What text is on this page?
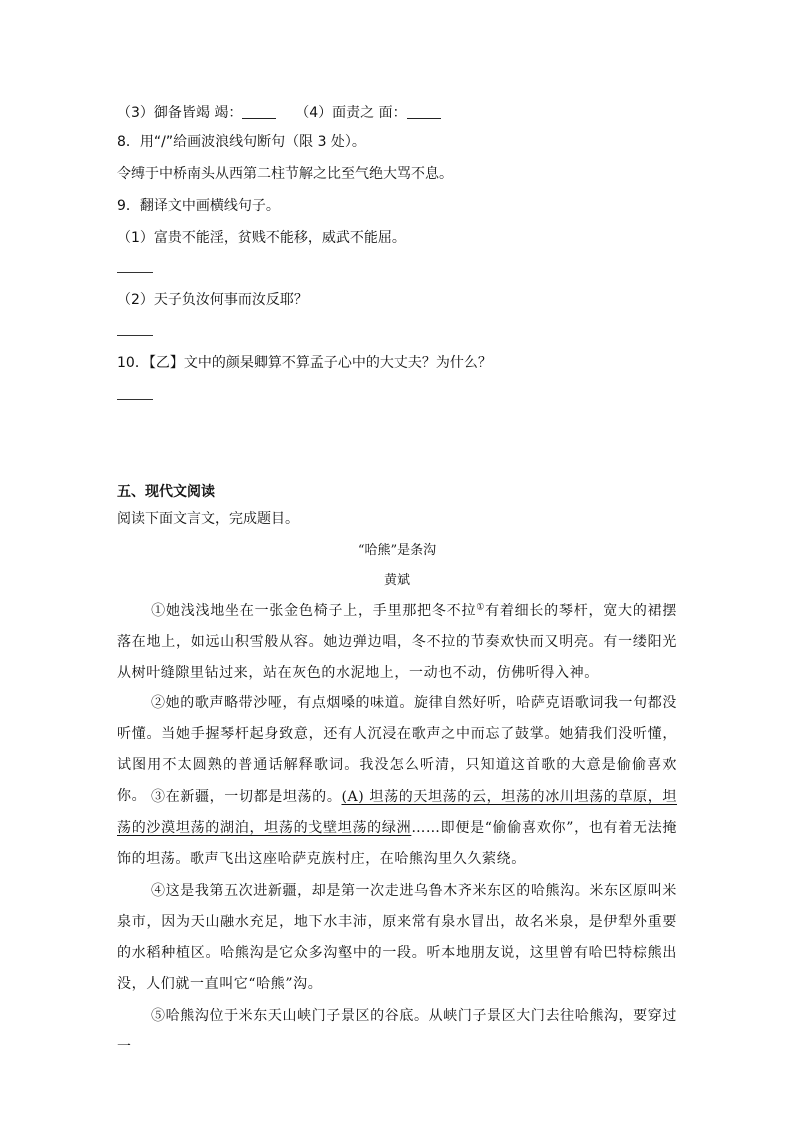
（3）御备皆竭 竭：	（4）面责之 面：
8．用“/”给画波浪线句断句（限 3 处）。
令缚于中桥南头从西第二柱节解之比至气绝大骂不息。
9．翻译文中画横线句子。
（1）富贵不能淫，贫贱不能移，威武不能屈。
（2）天子负汝何事而汝反耶？
10．【乙】文中的颜杲卿算不算孟子心中的大丈夫？为什么？
五、现代文阅读
阅读下面文言文，完成题目。
“哈熊”是条沟
黄斌
①她浅浅地坐在一张金色椅子上，手里那把冬不拉①有着细长的琴杆，宽大的裙摆落在地上，如远山积雪般从容。她边弹边唱，冬不拉的节奏欢快而又明亮。有一缕阳光从树叶缝隙里钻过来，站在灰色的水泥地上，一动也不动，仿佛听得入神。
②她的歌声略带沙哑，有点烟嗓的味道。旋律自然好听，哈萨克语歌词我一句都没听懂。当她手握琴杆起身致意，还有人沉浸在歌声之中而忘了鼓掌。她猜我们没听懂，试图用不太圆熟的普通话解释歌词。我没怎么听清，只知道这首歌的大意是偷偷喜欢你。 ③在新疆，一切都是坦荡的。(A) 坦荡的天坦荡的云，坦荡的冰川坦荡的草原，坦荡的沙漠坦荡的湖泊，坦荡的戈壁坦荡的绿洲……即便是“偷偷喜欢你”，也有着无法掩饰的坦荡。歌声飞出这座哈萨克族村庄，在哈熊沟里久久萦绕。
④这是我第五次进新疆，却是第一次走进乌鲁木齐米东区的哈熊沟。米东区原叫米泉市，因为天山融水充足，地下水丰沛，原来常有泉水冒出，故名米泉，是伊犁外重要的水稻种植区。哈熊沟是它众多沟壑中的一段。听本地朋友说，这里曾有哈巴特棕熊出没，人们就一直叫它“哈熊”沟。
⑤哈熊沟位于米东天山峡门子景区的谷底。从峡门子景区大门去往哈熊沟，要穿过一
